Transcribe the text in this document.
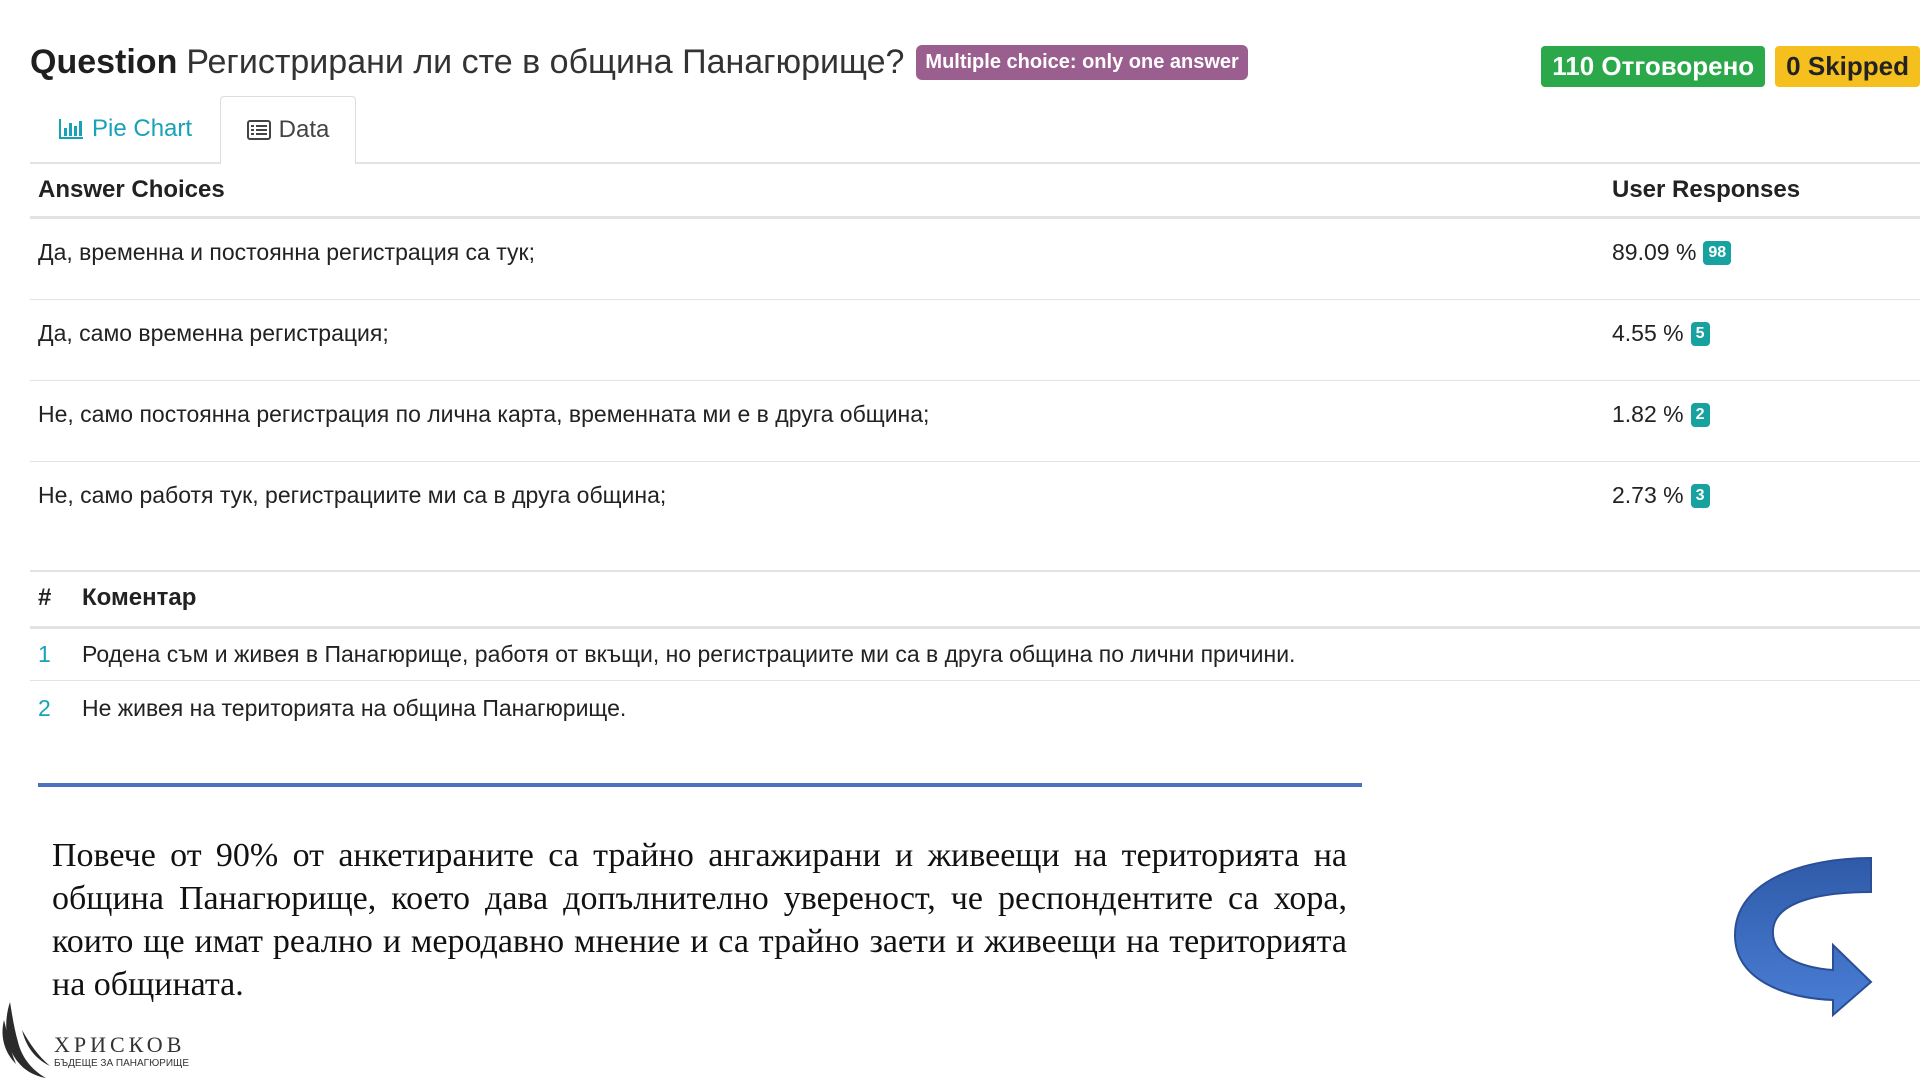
Question Регистрирани ли сте в община Панагюрище?	Multiple choice: only one answer	110 Отговорено	0 Skipped
Pie Chart	Data
Answer Choices	User Responses
Да, временна и постоянна регистрация са тук;	89.09 % 98
Да, само временна регистрация;	4.55 % 5
Не, само постоянна регистрация по лична карта, временната ми е в друга община;	1.82 % 2
Не, само работя тук, регистрациите ми са в друга община;	2.73 % 3
# Коментар
1 Родена съм и живея в Панагюрище, работя от вкъщи, но регистрациите ми са в друга община по лични причини.
2 Не живея на територията на община Панагюрище.
Повече от 90% от анкетираните са трайно ангажирани и живеещи на територията на община Панагюрище, което дава допълнително увереност, че респондентите са хора, които ще имат реално и меродавно мнение и са трайно заети и живеещи на територията на общината.
ХРИСКОВ
БЪДЕЩЕ ЗА ПАНАГЮРИЩЕ
